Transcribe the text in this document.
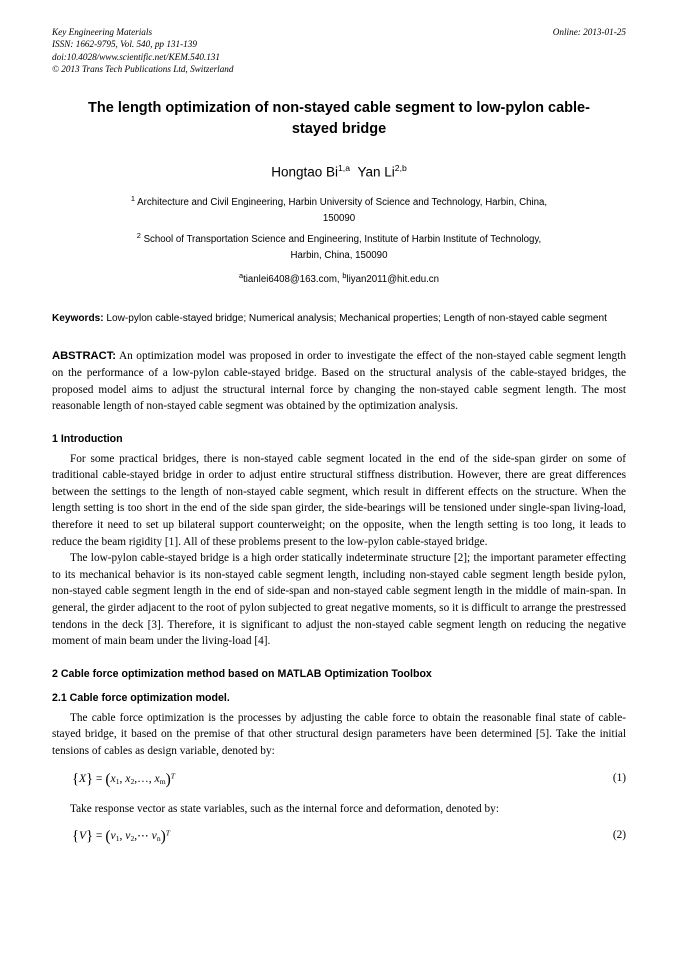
Key Engineering Materials
ISSN: 1662-9795, Vol. 540, pp 131-139
doi:10.4028/www.scientific.net/KEM.540.131
© 2013 Trans Tech Publications Ltd, Switzerland
Online: 2013-01-25
The length optimization of non-stayed cable segment to low-pylon cable-stayed bridge
Hongtao Bi$^{1,a}$ Yan Li$^{2,b}$
$^1$ Architecture and Civil Engineering, Harbin University of Science and Technology, Harbin, China,
150090
$^2$ School of Transportation Science and Engineering, Institute of Harbin Institute of Technology,
Harbin, China, 150090
$^a$tianlei6408@163.com, $^b$liyan2011@hit.edu.cn
Keywords: Low-pylon cable-stayed bridge; Numerical analysis; Mechanical properties; Length of non-stayed cable segment
ABSTRACT: An optimization model was proposed in order to investigate the effect of the non-stayed cable segment length on the performance of a low-pylon cable-stayed bridge. Based on the structural analysis of the cable-stayed bridges, the proposed model aims to adjust the structural internal force by changing the non-stayed cable segment length. The most reasonable length of non-stayed cable segment was obtained by the optimization analysis.
1 Introduction

For some practical bridges, there is non-stayed cable segment located in the end of the side-span girder on some of traditional cable-stayed bridge in order to adjust entire structural stiffness distribution. However, there are great differences between the settings to the length of non-stayed cable segment, which result in different effects on the structure. When the length setting is too short in the end of the side span girder, the side-bearings will be tensioned under single-span living-load, therefore it need to set up bilateral support counterweight; on the opposite, when the length setting is too long, it leads to reduce the beam rigidity [1]. All of these problems present to the low-pylon cable-stayed bridge.

The low-pylon cable-stayed bridge is a high order statically indeterminate structure [2]; the important parameter effecting to its mechanical behavior is its non-stayed cable segment length, including non-stayed cable segment length beside pylon, non-stayed cable segment length in the end of side-span and non-stayed cable segment length in the middle of main-span. In general, the girder adjacent to the root of pylon subjected to great negative moments, so it is difficult to arrange the prestressed tendons in the deck [3]. Therefore, it is significant to adjust the non-stayed cable segment length on reducing the negative moment of main beam under the living-load [4].

2 Cable force optimization method based on MATLAB Optimization Toolbox
2.1 Cable force optimization model.

The cable force optimization is the processes by adjusting the cable force to obtain the reasonable final state of cable-stayed bridge, it based on the premise of that other structural design parameters have been determined [5]. Take the initial tensions of cables as design variable, denoted by:

$\{X\} = (x_1$, $x_2,\dots$, $x_m)^T$	(1)

Take response vector as state variables, such as the internal force and deformation, denoted by:

$\{V\} = (v_1$, $v_2,\cdots$ $v_n)^T$	(2)
